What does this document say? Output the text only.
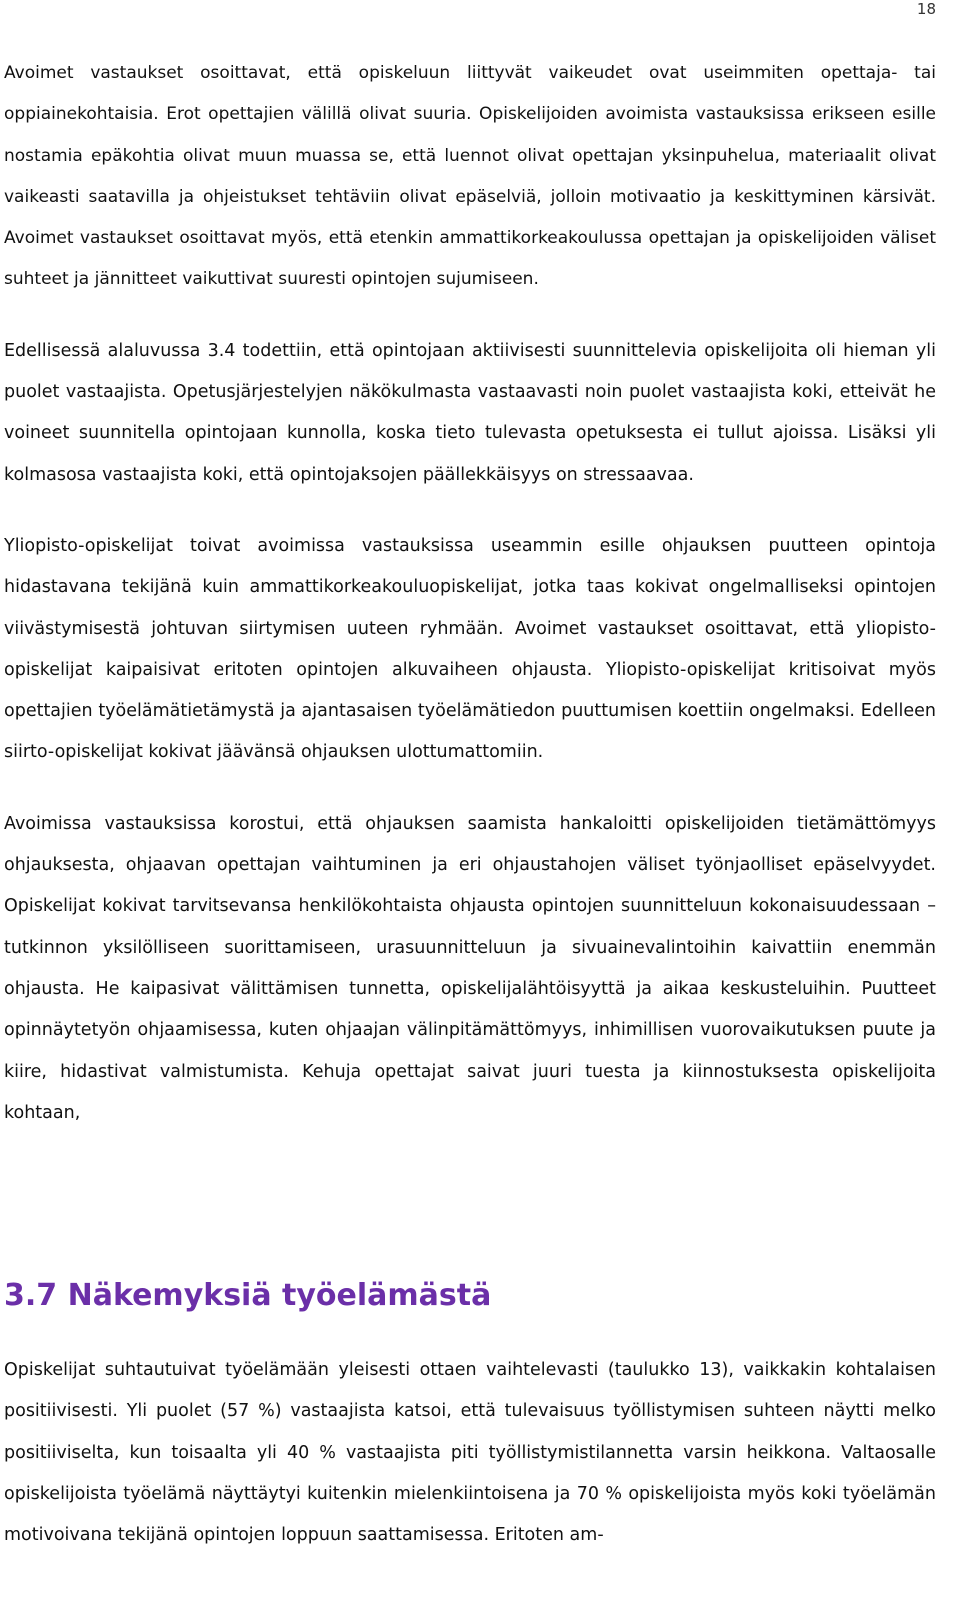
18

Avoimet vastaukset osoittavat, että opiskeluun liittyvät vaikeudet ovat useimmiten opettaja- tai oppiainekohtaisia. Erot opettajien välillä olivat suuria. Opiskelijoiden avoimista vastauksissa erikseen esille nostamia epäkohtia olivat muun muassa se, että luennot olivat opettajan yksinpuhelua, materiaalit olivat vaikeasti saatavilla ja ohjeistukset tehtäviin olivat epäselviä, jolloin motivaatio ja keskittyminen kärsivät. Avoimet vastaukset osoittavat myös, että etenkin ammattikorkeakoulussa opettajan ja opiskelijoiden väliset suhteet ja jännitteet vaikuttivat suuresti opintojen sujumiseen.

Edellisessä alaluvussa 3.4 todettiin, että opintojaan aktiivisesti suunnittelevia opiskelijoita oli hieman yli puolet vastaajista. Opetusjärjestelyjen näkökulmasta vastaavasti noin puolet vastaajista koki, etteivät he voineet suunnitella opintojaan kunnolla, koska tieto tulevasta opetuksesta ei tullut ajoissa. Lisäksi yli kolmasosa vastaajista koki, että opintojaksojen päällekkäisyys on stressaavaa.

Yliopisto-opiskelijat toivat avoimissa vastauksissa useammin esille ohjauksen puutteen opintoja hidastavana tekijänä kuin ammattikorkeakouluopiskelijat, jotka taas kokivat ongelmalliseksi opintojen viivästymisestä johtuvan siirtymisen uuteen ryhmään. Avoimet vastaukset osoittavat, että yliopisto-opiskelijat kaipaisivat eritoten opintojen alkuvaiheen ohjausta. Yliopisto-opiskelijat kritisoivat myös opettajien työelämätietämystä ja ajantasaisen työelämätiedon puuttumisen koettiin ongelmaksi. Edelleen siirto-opiskelijat kokivat jäävänsä ohjauksen ulottumattomiin.

Avoimissa vastauksissa korostui, että ohjauksen saamista hankaloitti opiskelijoiden tietämättömyys ohjauksesta, ohjaavan opettajan vaihtuminen ja eri ohjaustahojen väliset työnjaolliset epäselvyydet. Opiskelijat kokivat tarvitsevansa henkilökohtaista ohjausta opintojen suunnitteluun kokonaisuudessaan – tutkinnon yksilölliseen suorittamiseen, urasuunnitteluun ja sivuainevalintoihin kaivattiin enemmän ohjausta. He kaipasivat välittämisen tunnetta, opiskelijalähtöisyyttä ja aikaa keskusteluihin. Puutteet opinnäytetyön ohjaamisessa, kuten ohjaajan välinpitämättömyys, inhimillisen vuorovaikutuksen puute ja kiire, hidastivat valmistumista. Kehuja opettajat saivat juuri tuesta ja kiinnostuksesta opiskelijoita kohtaan,

3.7 Näkemyksiä työelämästä

Opiskelijat suhtautuivat työelämään yleisesti ottaen vaihtelevasti (taulukko 13), vaikkakin kohtalaisen positiivisesti. Yli puolet (57 %) vastaajista katsoi, että tulevaisuus työllistymisen suhteen näytti melko positiiviselta, kun toisaalta yli 40 % vastaajista piti työllistymistilannetta varsin heikkona. Valtaosalle opiskelijoista työelämä näyttäytyi kuitenkin mielenkiintoisena ja 70 % opiskelijoista myös koki työelämän motivoivana tekijänä opintojen loppuun saattamisessa. Eritoten am-
